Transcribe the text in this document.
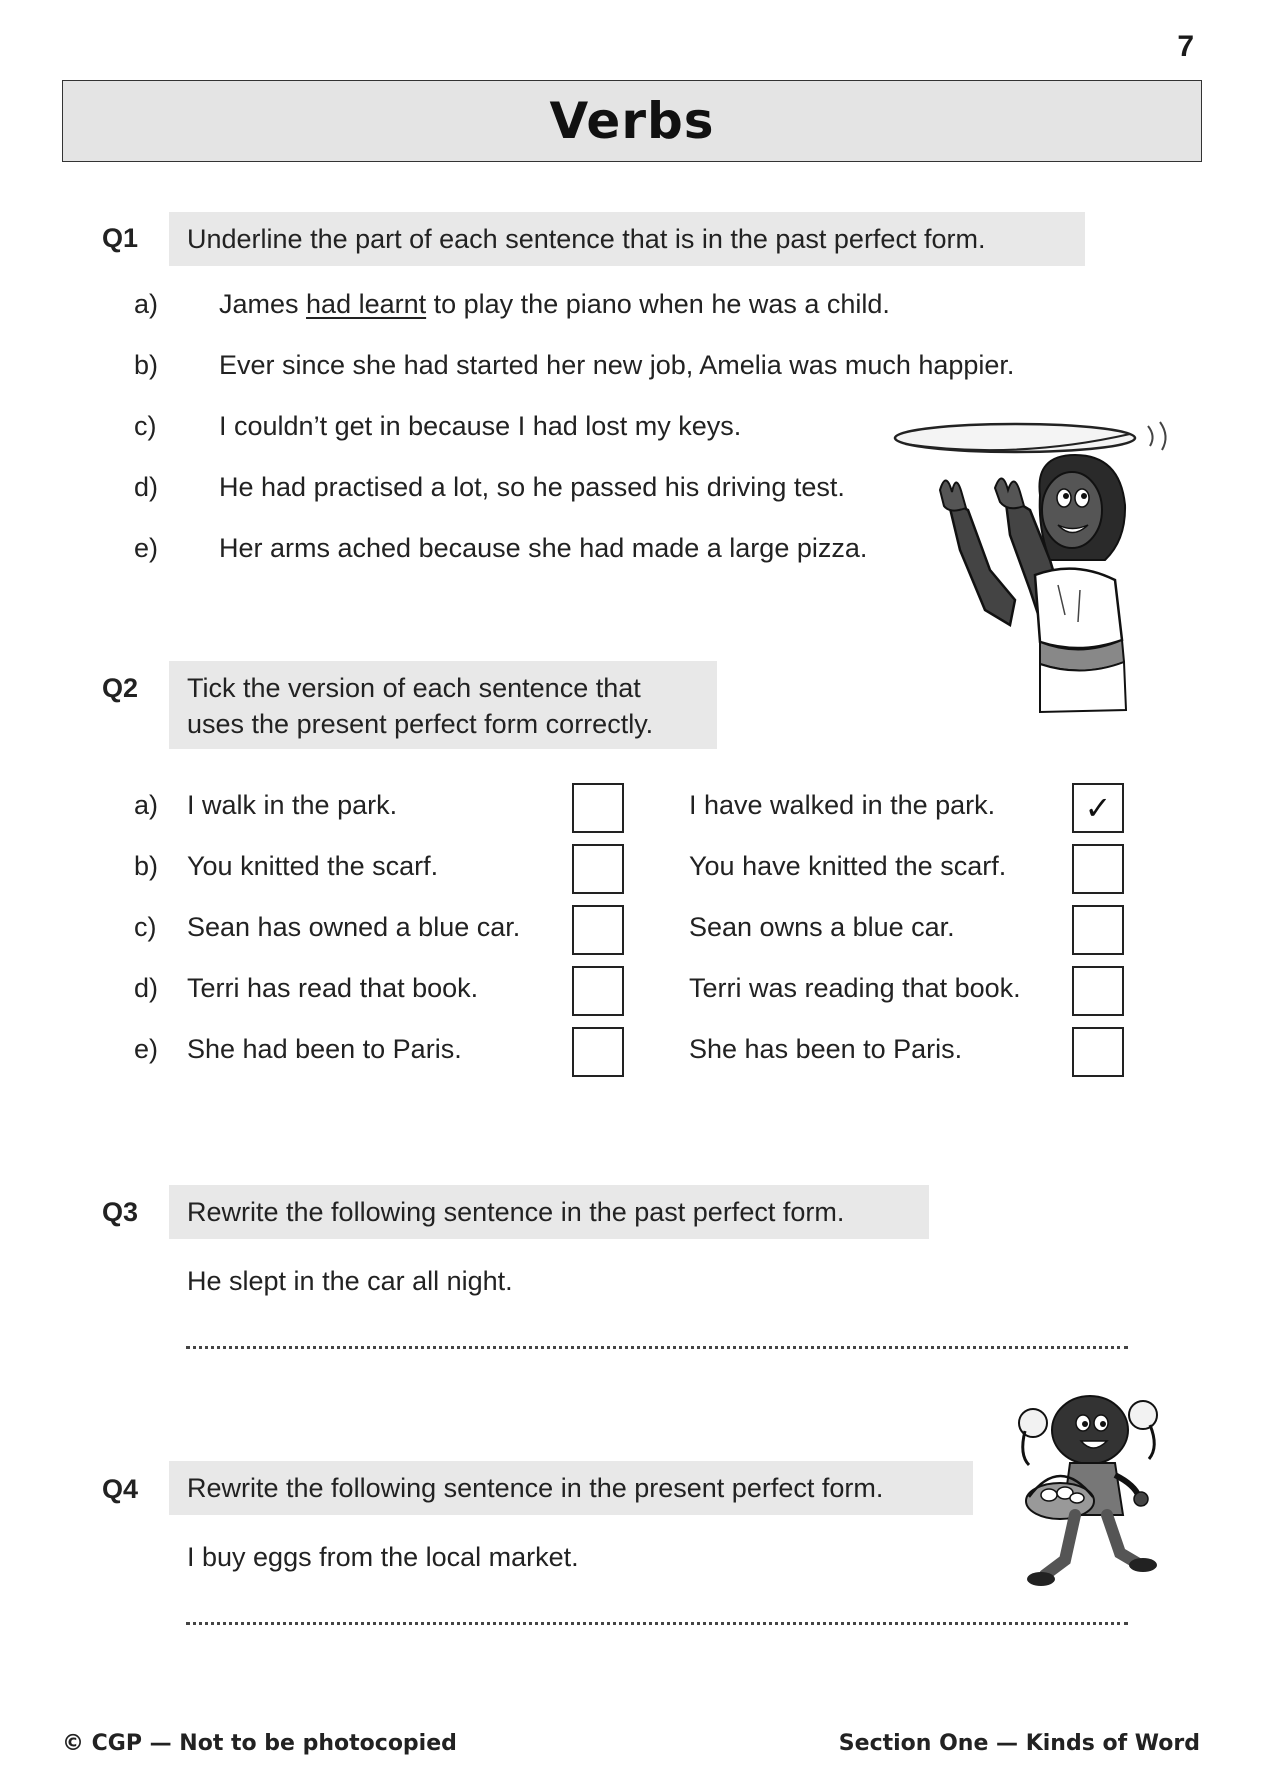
7
Verbs
Q1	Underline the part of each sentence that is in the past perfect form.
a) James had learnt to play the piano when he was a child.
b) Ever since she had started her new job, Amelia was much happier.
c) I couldn’t get in because I had lost my keys.
d) He had practised a lot, so he passed his driving test.
e) Her arms ached because she had made a large pizza.
Q2 Tick the version of each sentence that
uses the present perfect form correctly.
a) I walk in the park.	I have walked in the park.	✓
b) You knitted the scarf.	You have knitted the scarf.
c) Sean has owned a blue car.	Sean owns a blue car.
d) Terri has read that book.	Terri was reading that book.
e) She had been to Paris.	She has been to Paris.
Q3	Rewrite the following sentence in the past perfect form.
He slept in the car all night.
Q4	Rewrite the following sentence in the present perfect form.
I buy eggs from the local market.
© CGP — Not to be photocopied	Section One — Kinds of Word
